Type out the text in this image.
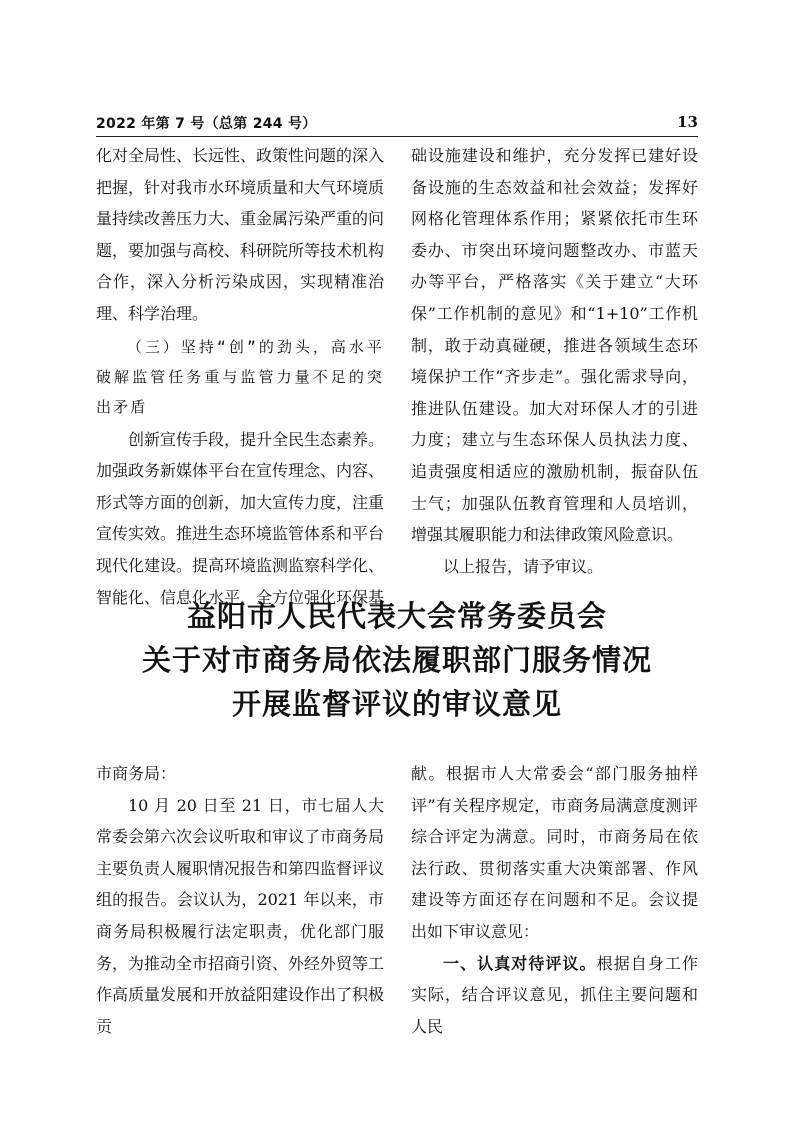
2022 年第 7 号（总第 244 号）	13

化对全局性、长远性、政策性问题的深入把握，针对我市水环境质量和大气环境质量持续改善压力大、重金属污染严重的问题，要加强与高校、科研院所等技术机构合作，深入分析污染成因，实现精准治理、科学治理。

（三）坚持“创”的劲头，高水平破解监管任务重与监管力量不足的突出矛盾

创新宣传手段，提升全民生态素养。加强政务新媒体平台在宣传理念、内容、形式等方面的创新，加大宣传力度，注重宣传实效。推进生态环境监管体系和平台现代化建设。提高环境监测监察科学化、智能化、信息化水平，全方位强化环保基

础设施建设和维护，充分发挥已建好设备设施的生态效益和社会效益；发挥好网格化管理体系作用；紧紧依托市生环委办、市突出环境问题整改办、市蓝天办等平台，严格落实《关于建立“大环保”工作机制的意见》和“1+10”工作机制，敢于动真碰硬，推进各领域生态环境保护工作“齐步走”。强化需求导向，推进队伍建设。加大对环保人才的引进力度；建立与生态环保人员执法力度、追责强度相适应的激励机制，振奋队伍士气；加强队伍教育管理和人员培训，增强其履职能力和法律政策风险意识。

以上报告，请予审议。

益阳市人民代表大会常务委员会
关于对市商务局依法履职部门服务情况
开展监督评议的审议意见

市商务局：

10 月 20 日至 21 日，市七届人大常委会第六次会议听取和审议了市商务局主要负责人履职情况报告和第四监督评议组的报告。会议认为，2021 年以来，市商务局积极履行法定职责，优化部门服务，为推动全市招商引资、外经外贸等工作高质量发展和开放益阳建设作出了积极贡

献。根据市人大常委会“部门服务抽样评”有关程序规定，市商务局满意度测评综合评定为满意。同时，市商务局在依法行政、贯彻落实重大决策部署、作风建设等方面还存在问题和不足。会议提出如下审议意见：

一、认真对待评议。根据自身工作实际，结合评议意见，抓住主要问题和人民
